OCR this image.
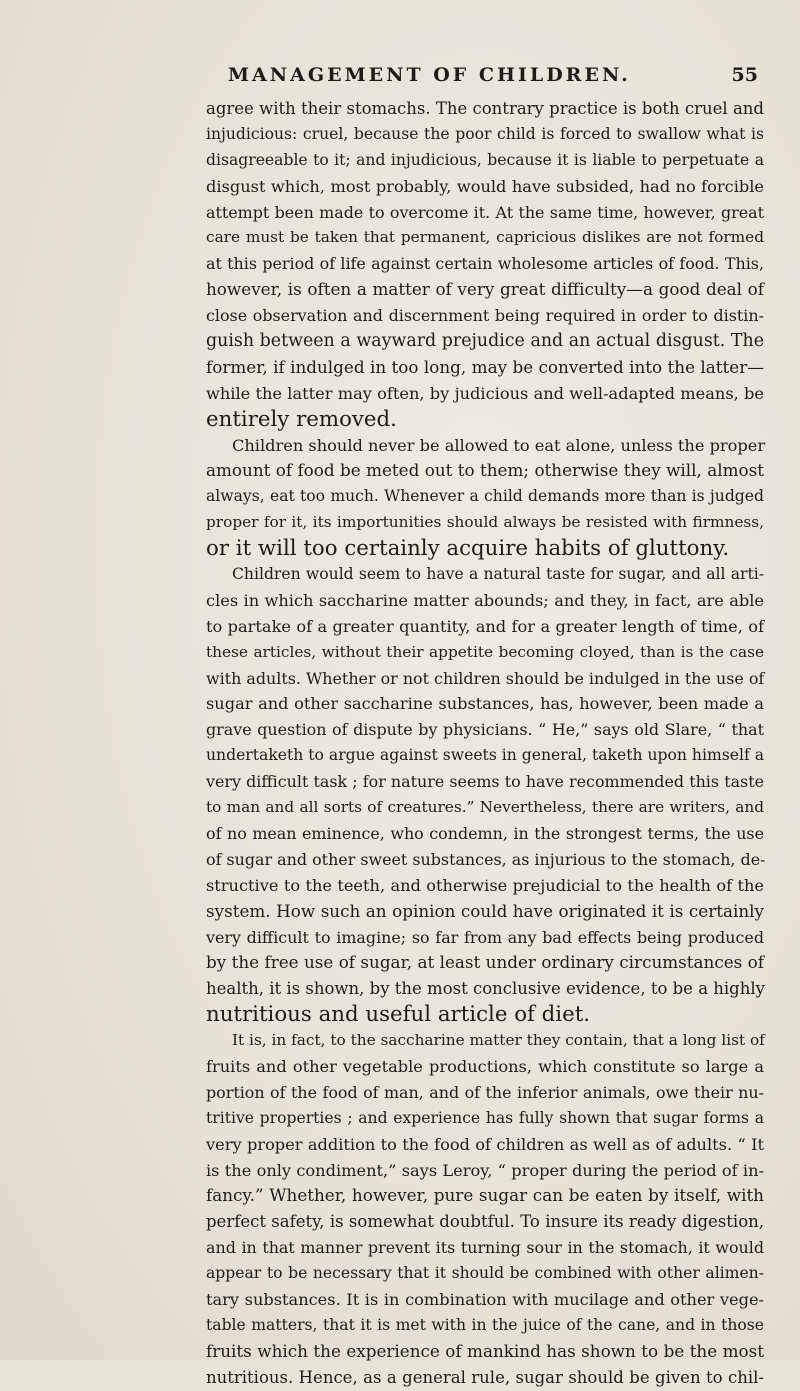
MANAGEMENT OF CHILDREN.	55
agree with their stomachs. The contrary practice is both cruel and
injudicious: cruel, because the poor child is forced to swallow what is
disagreeable to it; and injudicious, because it is liable to perpetuate a
disgust which, most probably, would have subsided, had no forcible
attempt been made to overcome it. At the same time, however, great
care must be taken that permanent, capricious dislikes are not formed
at this period of life against certain wholesome articles of food. This,
however, is often a matter of very great difficulty—a good deal of
close observation and discernment being required in order to distin-
guish between a wayward prejudice and an actual disgust. The
former, if indulged in too long, may be converted into the latter—
while the latter may often, by judicious and well-adapted means, be
entirely removed.
Children should never be allowed to eat alone, unless the proper
amount of food be meted out to them; otherwise they will, almost
always, eat too much. Whenever a child demands more than is judged
proper for it, its importunities should always be resisted with firmness,
or it will too certainly acquire habits of gluttony.
Children would seem to have a natural taste for sugar, and all arti-
cles in which saccharine matter abounds; and they, in fact, are able
to partake of a greater quantity, and for a greater length of time, of
these articles, without their appetite becoming cloyed, than is the case
with adults. Whether or not children should be indulged in the use of
sugar and other saccharine substances, has, however, been made a
grave question of dispute by physicians. “ He,” says old Slare, “ that
undertaketh to argue against sweets in general, taketh upon himself a
very difficult task ; for nature seems to have recommended this taste
to man and all sorts of creatures.” Nevertheless, there are writers, and
of no mean eminence, who condemn, in the strongest terms, the use
of sugar and other sweet substances, as injurious to the stomach, de-
structive to the teeth, and otherwise prejudicial to the health of the
system. How such an opinion could have originated it is certainly
very difficult to imagine; so far from any bad effects being produced
by the free use of sugar, at least under ordinary circumstances of
health, it is shown, by the most conclusive evidence, to be a highly
nutritious and useful article of diet.
It is, in fact, to the saccharine matter they contain, that a long list of
fruits and other vegetable productions, which constitute so large a
portion of the food of man, and of the inferior animals, owe their nu-
tritive properties ; and experience has fully shown that sugar forms a
very proper addition to the food of children as well as of adults. “ It
is the only condiment,” says Leroy, “ proper during the period of in-
fancy.” Whether, however, pure sugar can be eaten by itself, with
perfect safety, is somewhat doubtful. To insure its ready digestion,
and in that manner prevent its turning sour in the stomach, it would
appear to be necessary that it should be combined with other alimen-
tary substances. It is in combination with mucilage and other vege-
table matters, that it is met with in the juice of the cane, and in those
fruits which the experience of mankind has shown to be the most
nutritious. Hence, as a general rule, sugar should be given to chil-
